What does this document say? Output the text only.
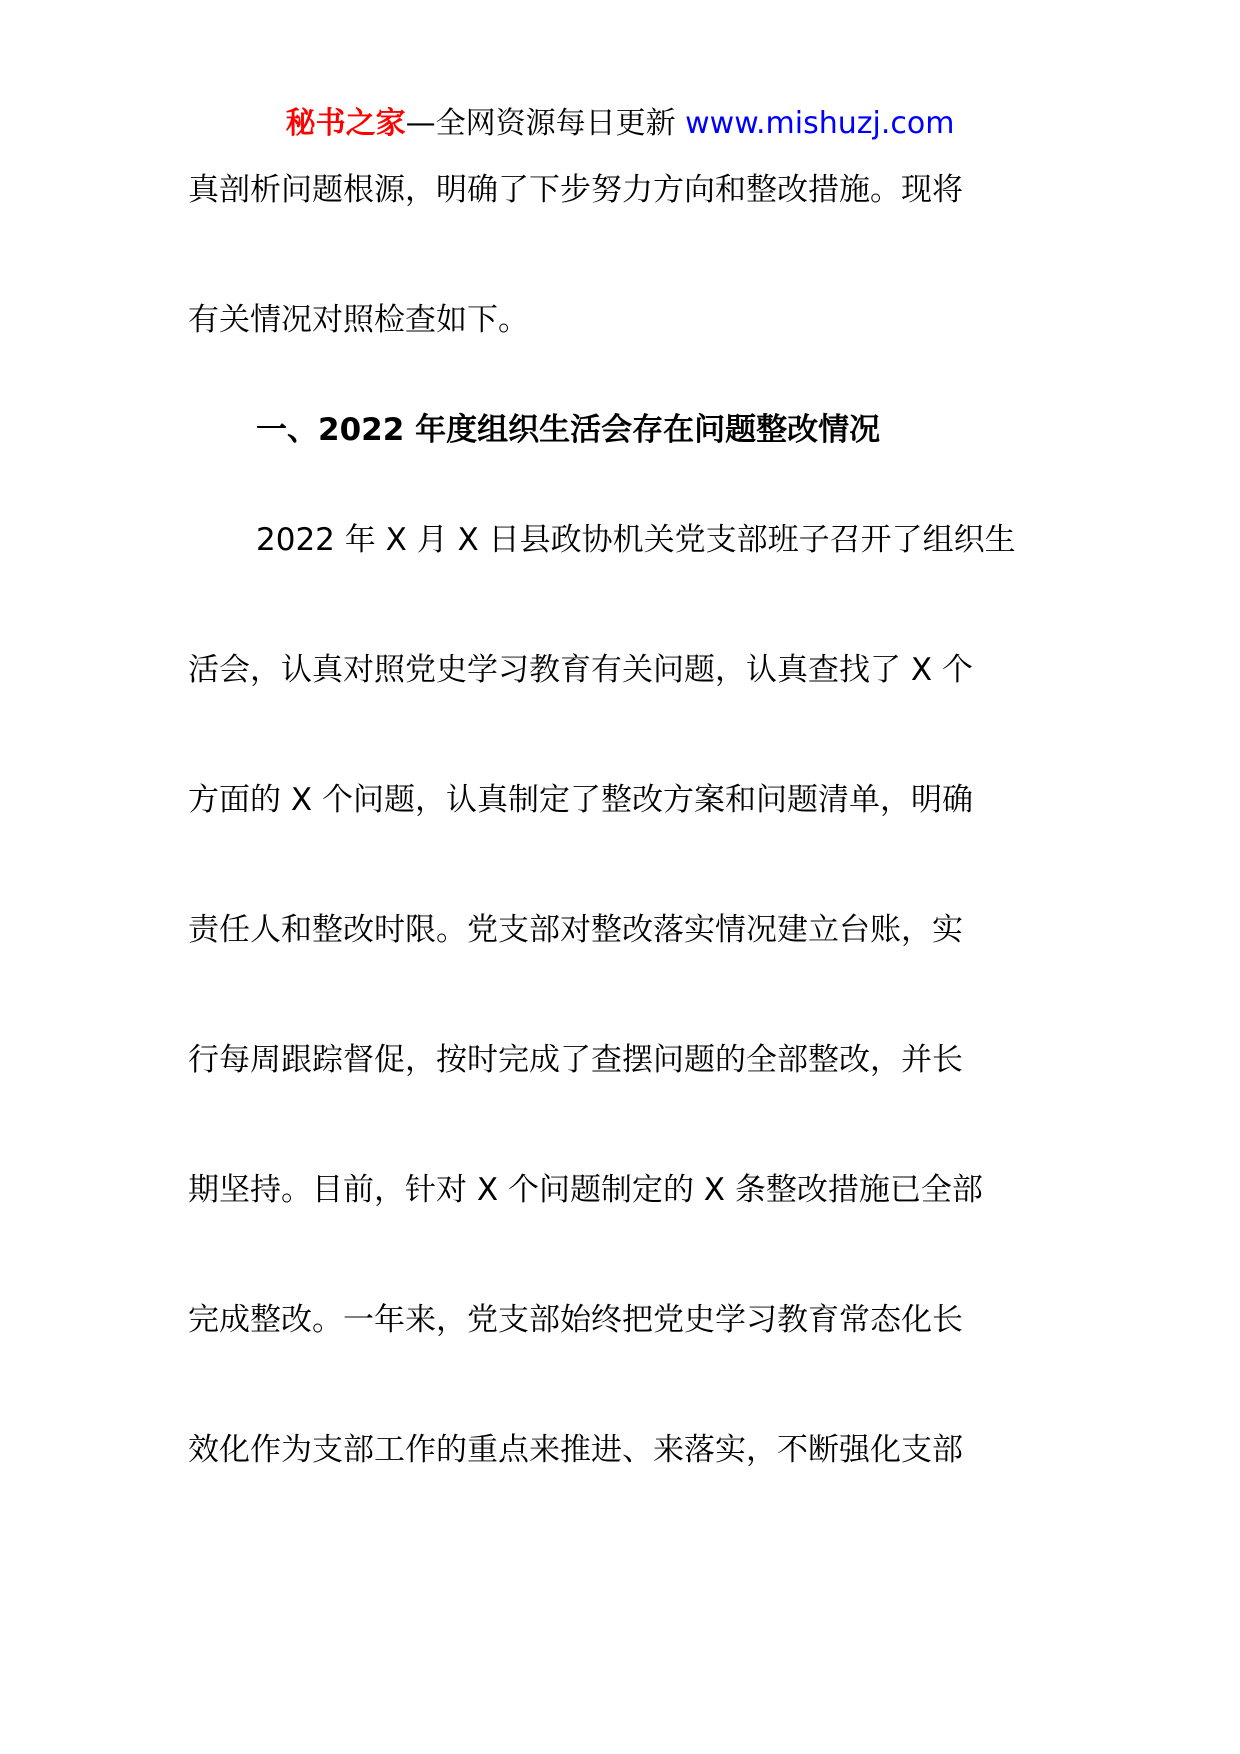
秘书之家—全网资源每日更新 www.mishuzj.com
真剖析问题根源，明确了下步努力方向和整改措施。现将
有关情况对照检查如下。
一、2022 年度组织生活会存在问题整改情况
2022 年 X 月 X 日县政协机关党支部班子召开了组织生
活会，认真对照党史学习教育有关问题，认真查找了 X 个
方面的 X 个问题，认真制定了整改方案和问题清单，明确
责任人和整改时限。党支部对整改落实情况建立台账，实
行每周跟踪督促，按时完成了查摆问题的全部整改，并长
期坚持。目前，针对 X 个问题制定的 X 条整改措施已全部
完成整改。一年来，党支部始终把党史学习教育常态化长
效化作为支部工作的重点来推进、来落实，不断强化支部
